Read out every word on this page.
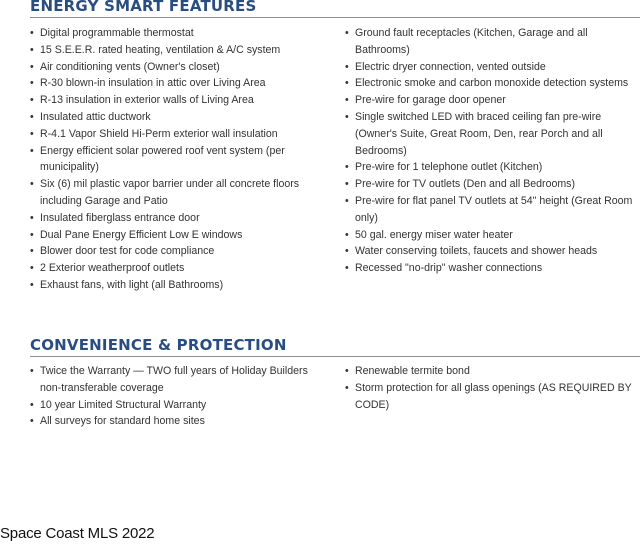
ENERGY SMART FEATURES
• Digital programmable thermostat
• 15 S.E.E.R. rated heating, ventilation & A/C system
• Air conditioning vents (Owner's closet)
• R-30 blown-in insulation in attic over Living Area
• R-13 insulation in exterior walls of Living Area
• Insulated attic ductwork
• R-4.1 Vapor Shield Hi-Perm exterior wall insulation
• Energy efficient solar powered roof vent system (per municipality)
• Six (6) mil plastic vapor barrier under all concrete floors including Garage and Patio
• Insulated fiberglass entrance door
• Dual Pane Energy Efficient Low E windows
• Blower door test for code compliance
• 2 Exterior weatherproof outlets
• Exhaust fans, with light (all Bathrooms)
• Ground fault receptacles (Kitchen, Garage and all Bathrooms)
• Electric dryer connection, vented outside
• Electronic smoke and carbon monoxide detection systems
• Pre-wire for garage door opener
• Single switched LED with braced ceiling fan pre-wire (Owner's Suite, Great Room, Den, rear Porch and all Bedrooms)
• Pre-wire for 1 telephone outlet (Kitchen)
• Pre-wire for TV outlets (Den and all Bedrooms)
• Pre-wire for flat panel TV outlets at 54" height (Great Room only)
• 50 gal. energy miser water heater
• Water conserving toilets, faucets and shower heads
• Recessed "no-drip" washer connections
CONVENIENCE & PROTECTION
• Twice the Warranty — TWO full years of Holiday Builders non-transferable coverage
• 10 year Limited Structural Warranty
• All surveys for standard home sites
• Renewable termite bond
• Storm protection for all glass openings (AS REQUIRED BY CODE)
Space Coast MLS 2022
